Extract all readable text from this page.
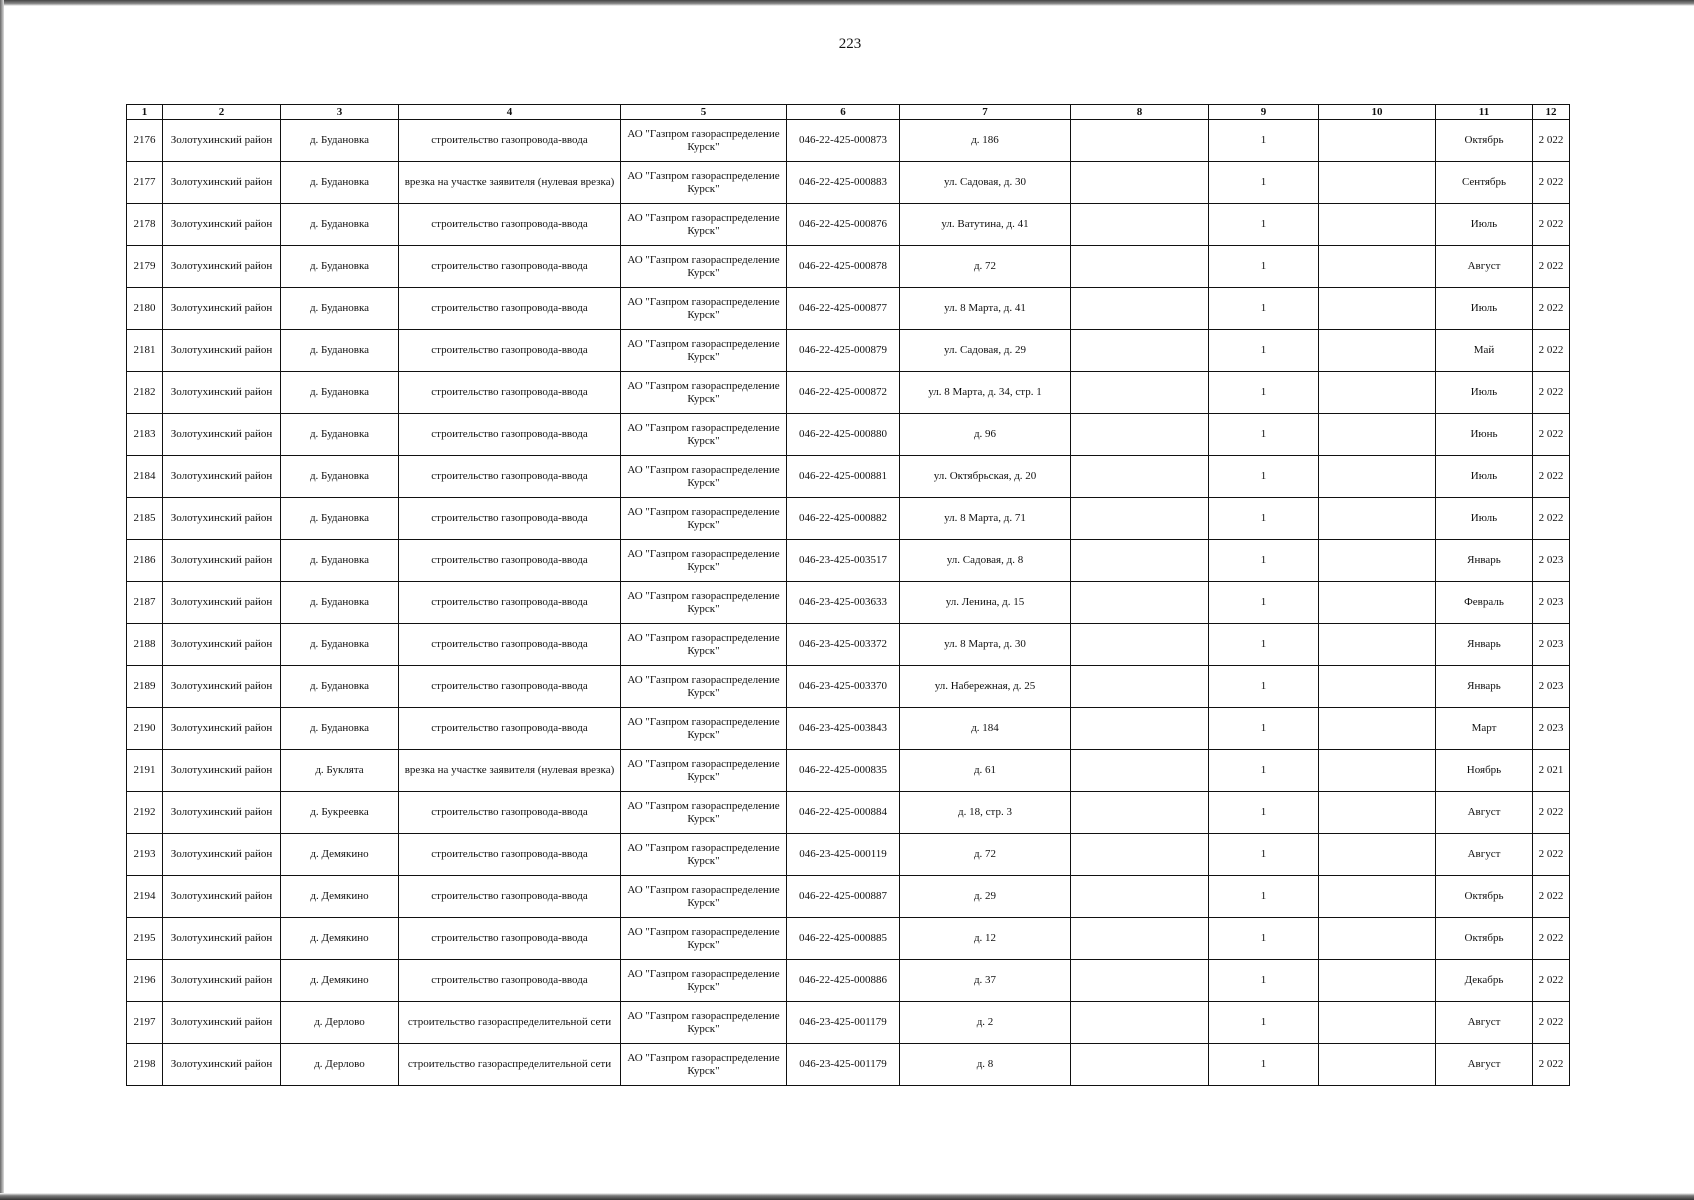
223
1	2	3	4	5	6	7	8	9	10	11	12
2176	Золотухинский район	д. Будановка	строительство газопровода-ввода	АО "Газпром газораспределение Курск"	046-22-425-000873	д. 186		1		Октябрь	2 022
2177	Золотухинский район	д. Будановка	врезка на участке заявителя (нулевая врезка)	АО "Газпром газораспределение Курск"	046-22-425-000883	ул. Садовая, д. 30		1		Сентябрь	2 022
2178	Золотухинский район	д. Будановка	строительство газопровода-ввода	АО "Газпром газораспределение Курск"	046-22-425-000876	ул. Ватутина, д. 41		1		Июль	2 022
2179	Золотухинский район	д. Будановка	строительство газопровода-ввода	АО "Газпром газораспределение Курск"	046-22-425-000878	д. 72		1		Август	2 022
2180	Золотухинский район	д. Будановка	строительство газопровода-ввода	АО "Газпром газораспределение Курск"	046-22-425-000877	ул. 8 Марта, д. 41		1		Июль	2 022
2181	Золотухинский район	д. Будановка	строительство газопровода-ввода	АО "Газпром газораспределение Курск"	046-22-425-000879	ул. Садовая, д. 29		1		Май	2 022
2182	Золотухинский район	д. Будановка	строительство газопровода-ввода	АО "Газпром газораспределение Курск"	046-22-425-000872	ул. 8 Марта, д. 34, стр. 1		1		Июль	2 022
2183	Золотухинский район	д. Будановка	строительство газопровода-ввода	АО "Газпром газораспределение Курск"	046-22-425-000880	д. 96		1		Июнь	2 022
2184	Золотухинский район	д. Будановка	строительство газопровода-ввода	АО "Газпром газораспределение Курск"	046-22-425-000881	ул. Октябрьская, д. 20		1		Июль	2 022
2185	Золотухинский район	д. Будановка	строительство газопровода-ввода	АО "Газпром газораспределение Курск"	046-22-425-000882	ул. 8 Марта, д. 71		1		Июль	2 022
2186	Золотухинский район	д. Будановка	строительство газопровода-ввода	АО "Газпром газораспределение Курск"	046-23-425-003517	ул. Садовая, д. 8		1		Январь	2 023
2187	Золотухинский район	д. Будановка	строительство газопровода-ввода	АО "Газпром газораспределение Курск"	046-23-425-003633	ул. Ленина, д. 15		1		Февраль	2 023
2188	Золотухинский район	д. Будановка	строительство газопровода-ввода	АО "Газпром газораспределение Курск"	046-23-425-003372	ул. 8 Марта, д. 30		1		Январь	2 023
2189	Золотухинский район	д. Будановка	строительство газопровода-ввода	АО "Газпром газораспределение Курск"	046-23-425-003370	ул. Набережная, д. 25		1		Январь	2 023
2190	Золотухинский район	д. Будановка	строительство газопровода-ввода	АО "Газпром газораспределение Курск"	046-23-425-003843	д. 184		1		Март	2 023
2191	Золотухинский район	д. Буклята	врезка на участке заявителя (нулевая врезка)	АО "Газпром газораспределение Курск"	046-22-425-000835	д. 61		1		Ноябрь	2 021
2192	Золотухинский район	д. Букреевка	строительство газопровода-ввода	АО "Газпром газораспределение Курск"	046-22-425-000884	д. 18, стр. 3		1		Август	2 022
2193	Золотухинский район	д. Демякино	строительство газопровода-ввода	АО "Газпром газораспределение Курск"	046-23-425-000119	д. 72		1		Август	2 022
2194	Золотухинский район	д. Демякино	строительство газопровода-ввода	АО "Газпром газораспределение Курск"	046-22-425-000887	д. 29		1		Октябрь	2 022
2195	Золотухинский район	д. Демякино	строительство газопровода-ввода	АО "Газпром газораспределение Курск"	046-22-425-000885	д. 12		1		Октябрь	2 022
2196	Золотухинский район	д. Демякино	строительство газопровода-ввода	АО "Газпром газораспределение Курск"	046-22-425-000886	д. 37		1		Декабрь	2 022
2197	Золотухинский район	д. Дерлово	строительство газораспределительной сети	АО "Газпром газораспределение Курск"	046-23-425-001179	д. 2		1		Август	2 022
2198	Золотухинский район	д. Дерлово	строительство газораспределительной сети	АО "Газпром газораспределение Курск"	046-23-425-001179	д. 8		1		Август	2 022
